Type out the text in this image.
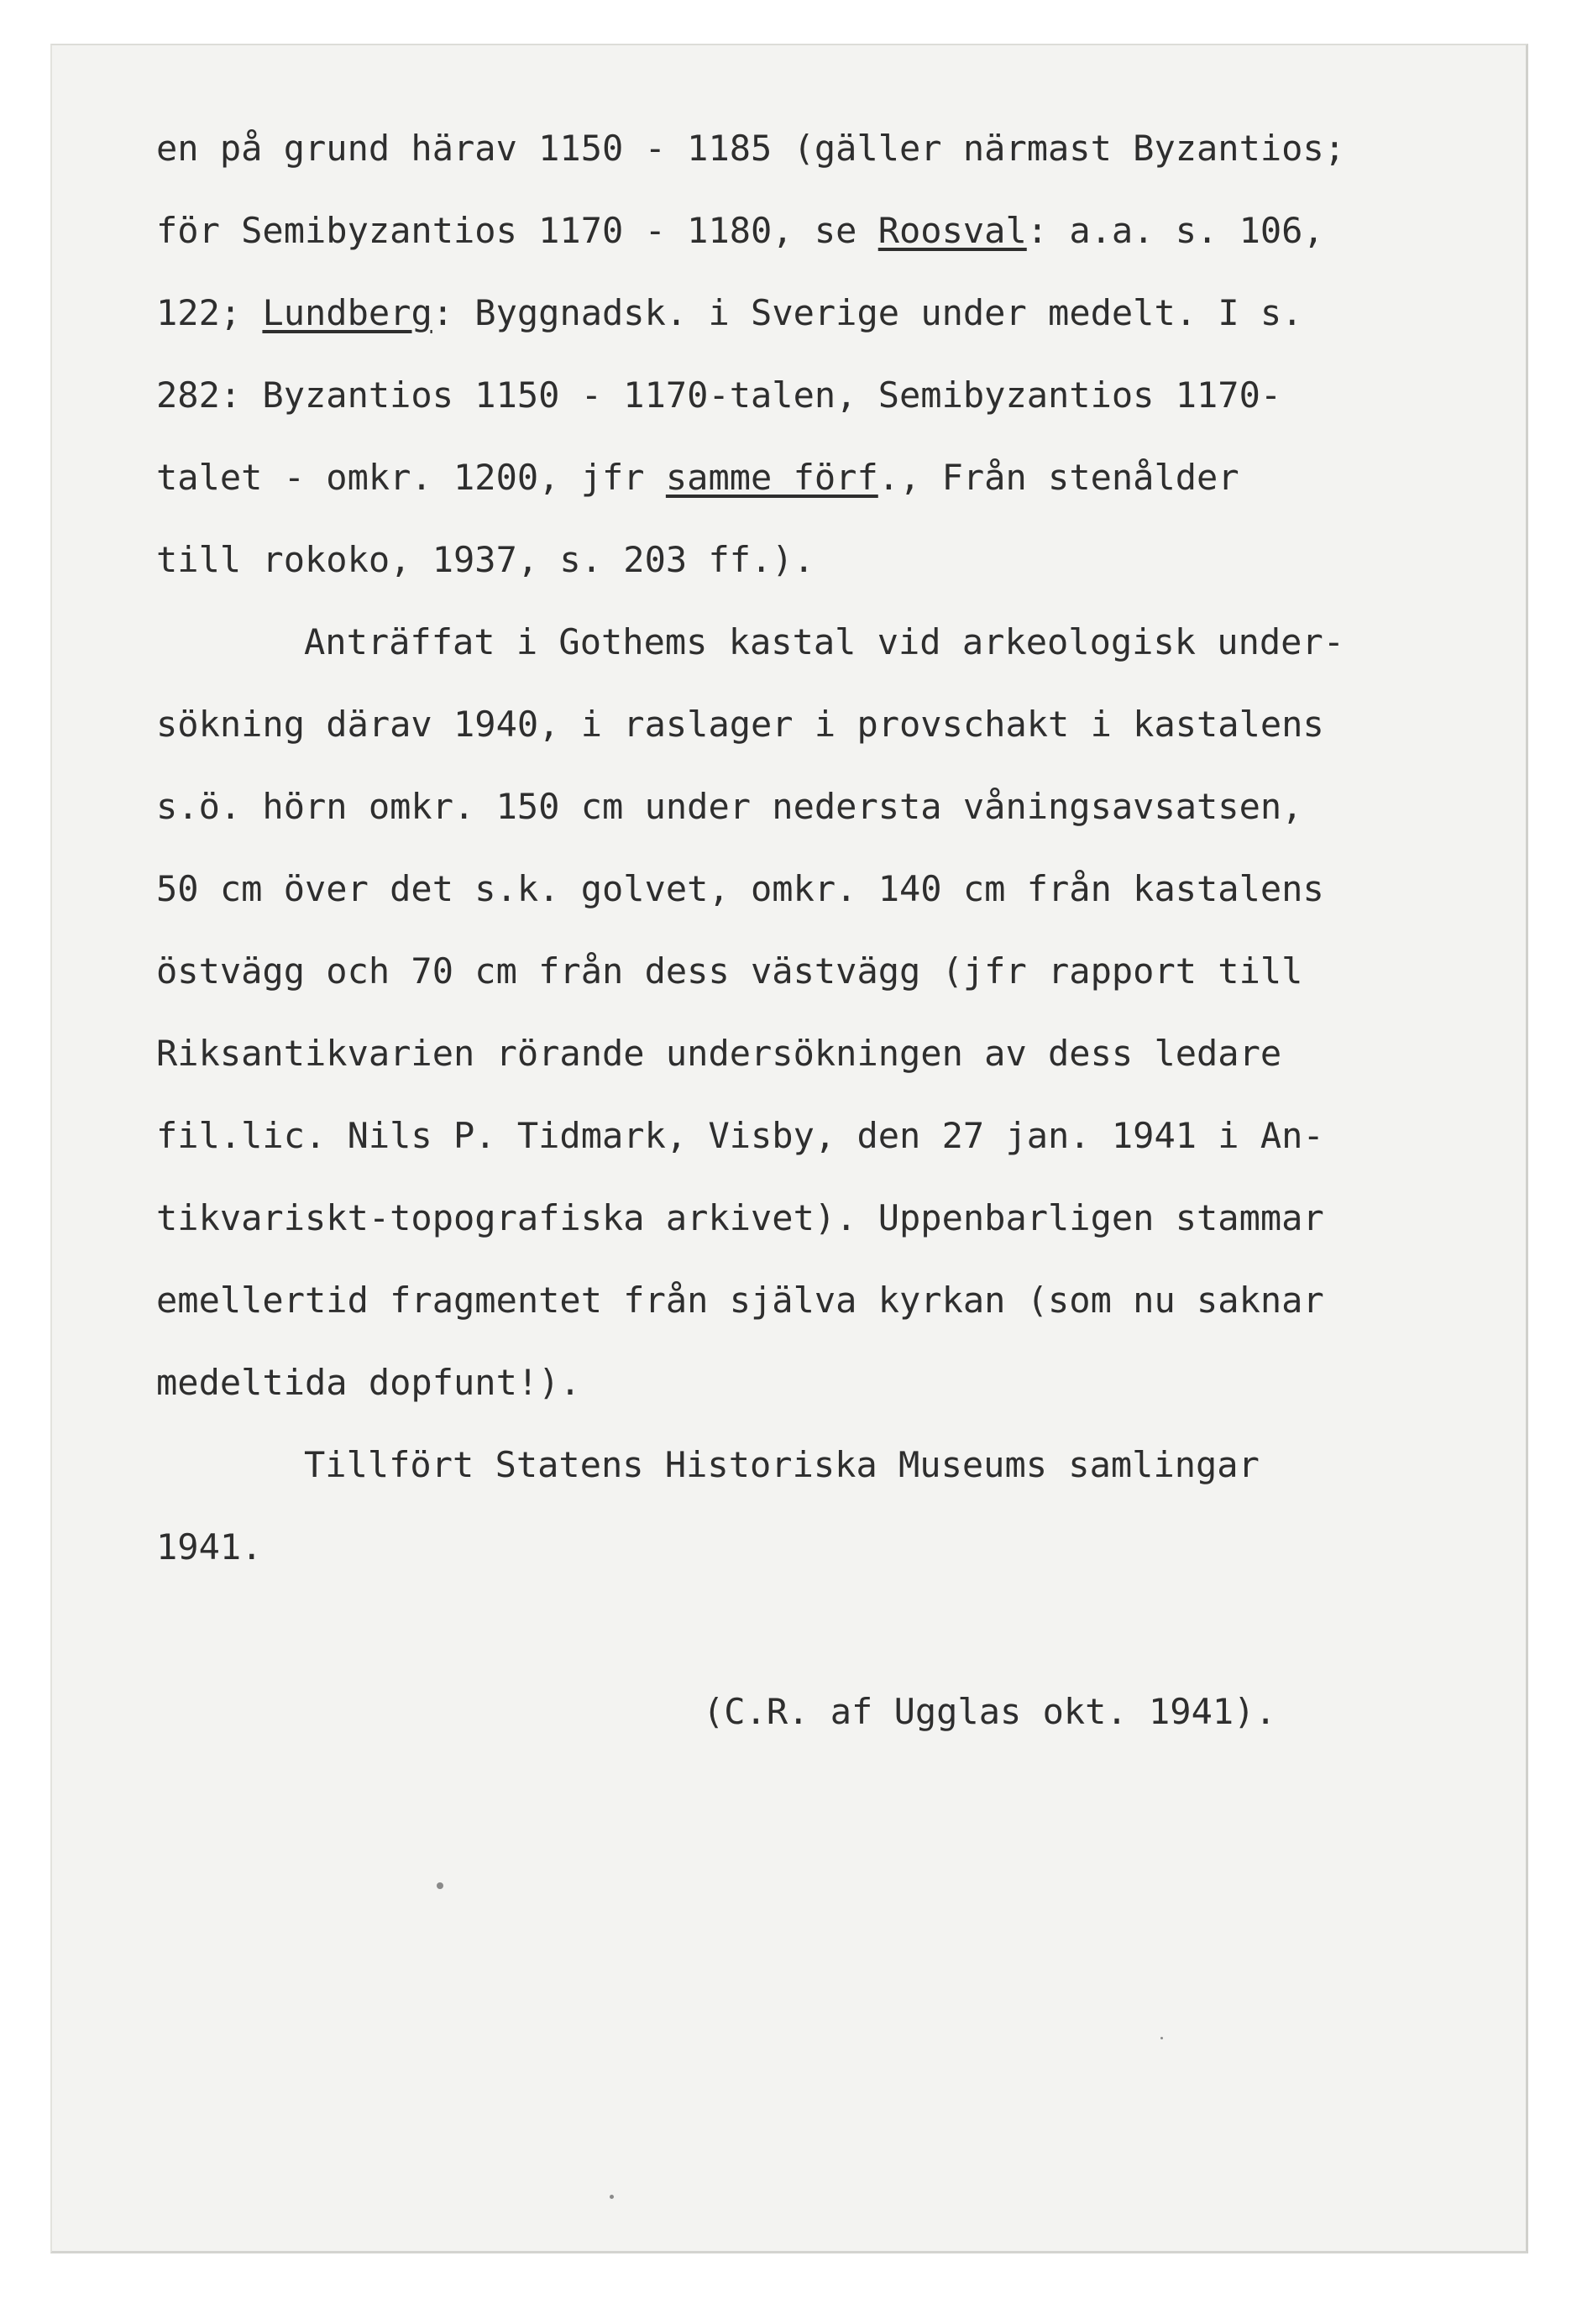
en på grund härav 1150 - 1185 (gäller närmast Byzantios;

för Semibyzantios 1170 - 1180, se Roosval: a.a. s. 106,

122; Lundberg: Byggnadsk. i Sverige under medelt. I s.

282: Byzantios 1150 - 1170-talen, Semibyzantios 1170-

talet - omkr. 1200, jfr samme förf., Från stenålder

till rokoko, 1937, s. 203 ff.).

Anträffat i Gothems kastal vid arkeologisk under-

sökning därav 1940, i raslager i provschakt i kastalens

s.ö. hörn omkr. 150 cm under nedersta våningsavsatsen,

50 cm över det s.k. golvet, omkr. 140 cm från kastalens

östvägg och 70 cm från dess västvägg (jfr rapport till

Riksantikvarien rörande undersökningen av dess ledare

fil.lic. Nils P. Tidmark, Visby, den 27 jan. 1941 i An-

tikvariskt-topografiska arkivet). Uppenbarligen stammar

emellertid fragmentet från själva kyrkan (som nu saknar

medeltida dopfunt!).

Tillfört Statens Historiska Museums samlingar

1941.

(C.R. af Ugglas okt. 1941).
